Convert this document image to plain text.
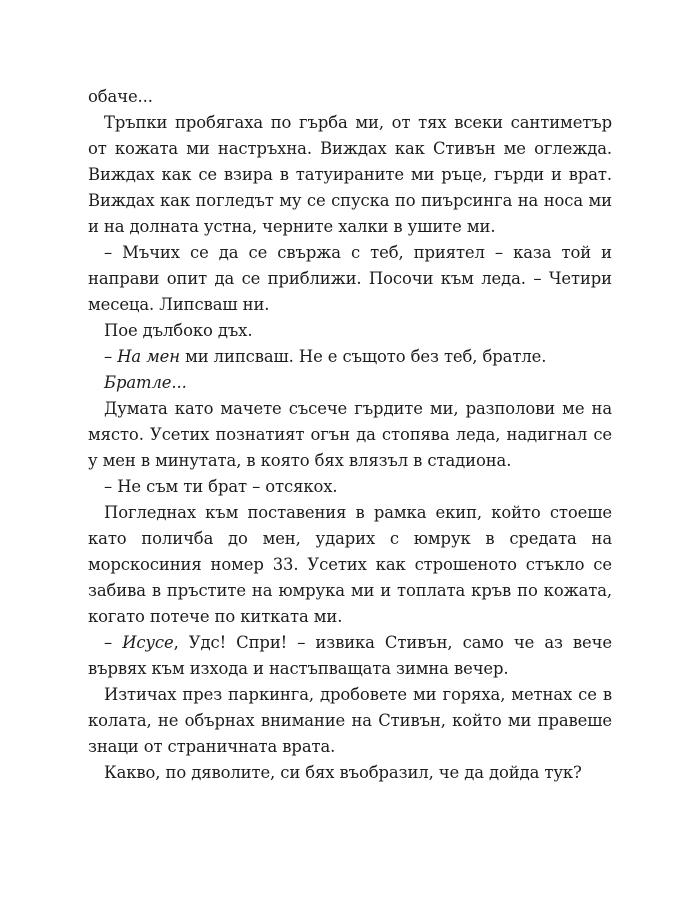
обаче...

Тръпки пробягаха по гърба ми, от тях всеки сантиметър от кожата ми настръхна. Виждах как Стивън ме оглежда. Виждах как се взира в татуираните ми ръце, гърди и врат. Виждах как погледът му се спуска по пиърсинга на носа ми и на долната устна, черните халки в ушите ми.

– Мъчих се да се свържа с теб, приятел – каза той и направи опит да се приближи. Посочи към леда. – Четири месеца. Липсваш ни.

Пое дълбоко дъх.

– На мен ми липсваш. Не е същото без теб, братле.

Братле...

Думата като мачете съсече гърдите ми, разполови ме на място. Усетих познатият огън да стопява леда, надигнал се у мен в минутата, в която бях влязъл в стадиона.

– Не съм ти брат – отсякох.

Погледнах към поставения в рамка екип, който стоеше като поличба до мен, ударих с юмрук в средата на морскосиния номер 33. Усетих как строшеното стъкло се забива в пръстите на юмрука ми и топлата кръв по кожата, когато потече по китката ми.

– Исусе, Удс! Спри! – извика Стивън, само че аз вече вървях към изхода и настъпващата зимна вечер.

Изтичах през паркинга, дробовете ми горяха, метнах се в колата, не обърнах внимание на Стивън, който ми правеше знаци от страничната врата.

Какво, по дяволите, си бях въобразил, че да дойда тук?
